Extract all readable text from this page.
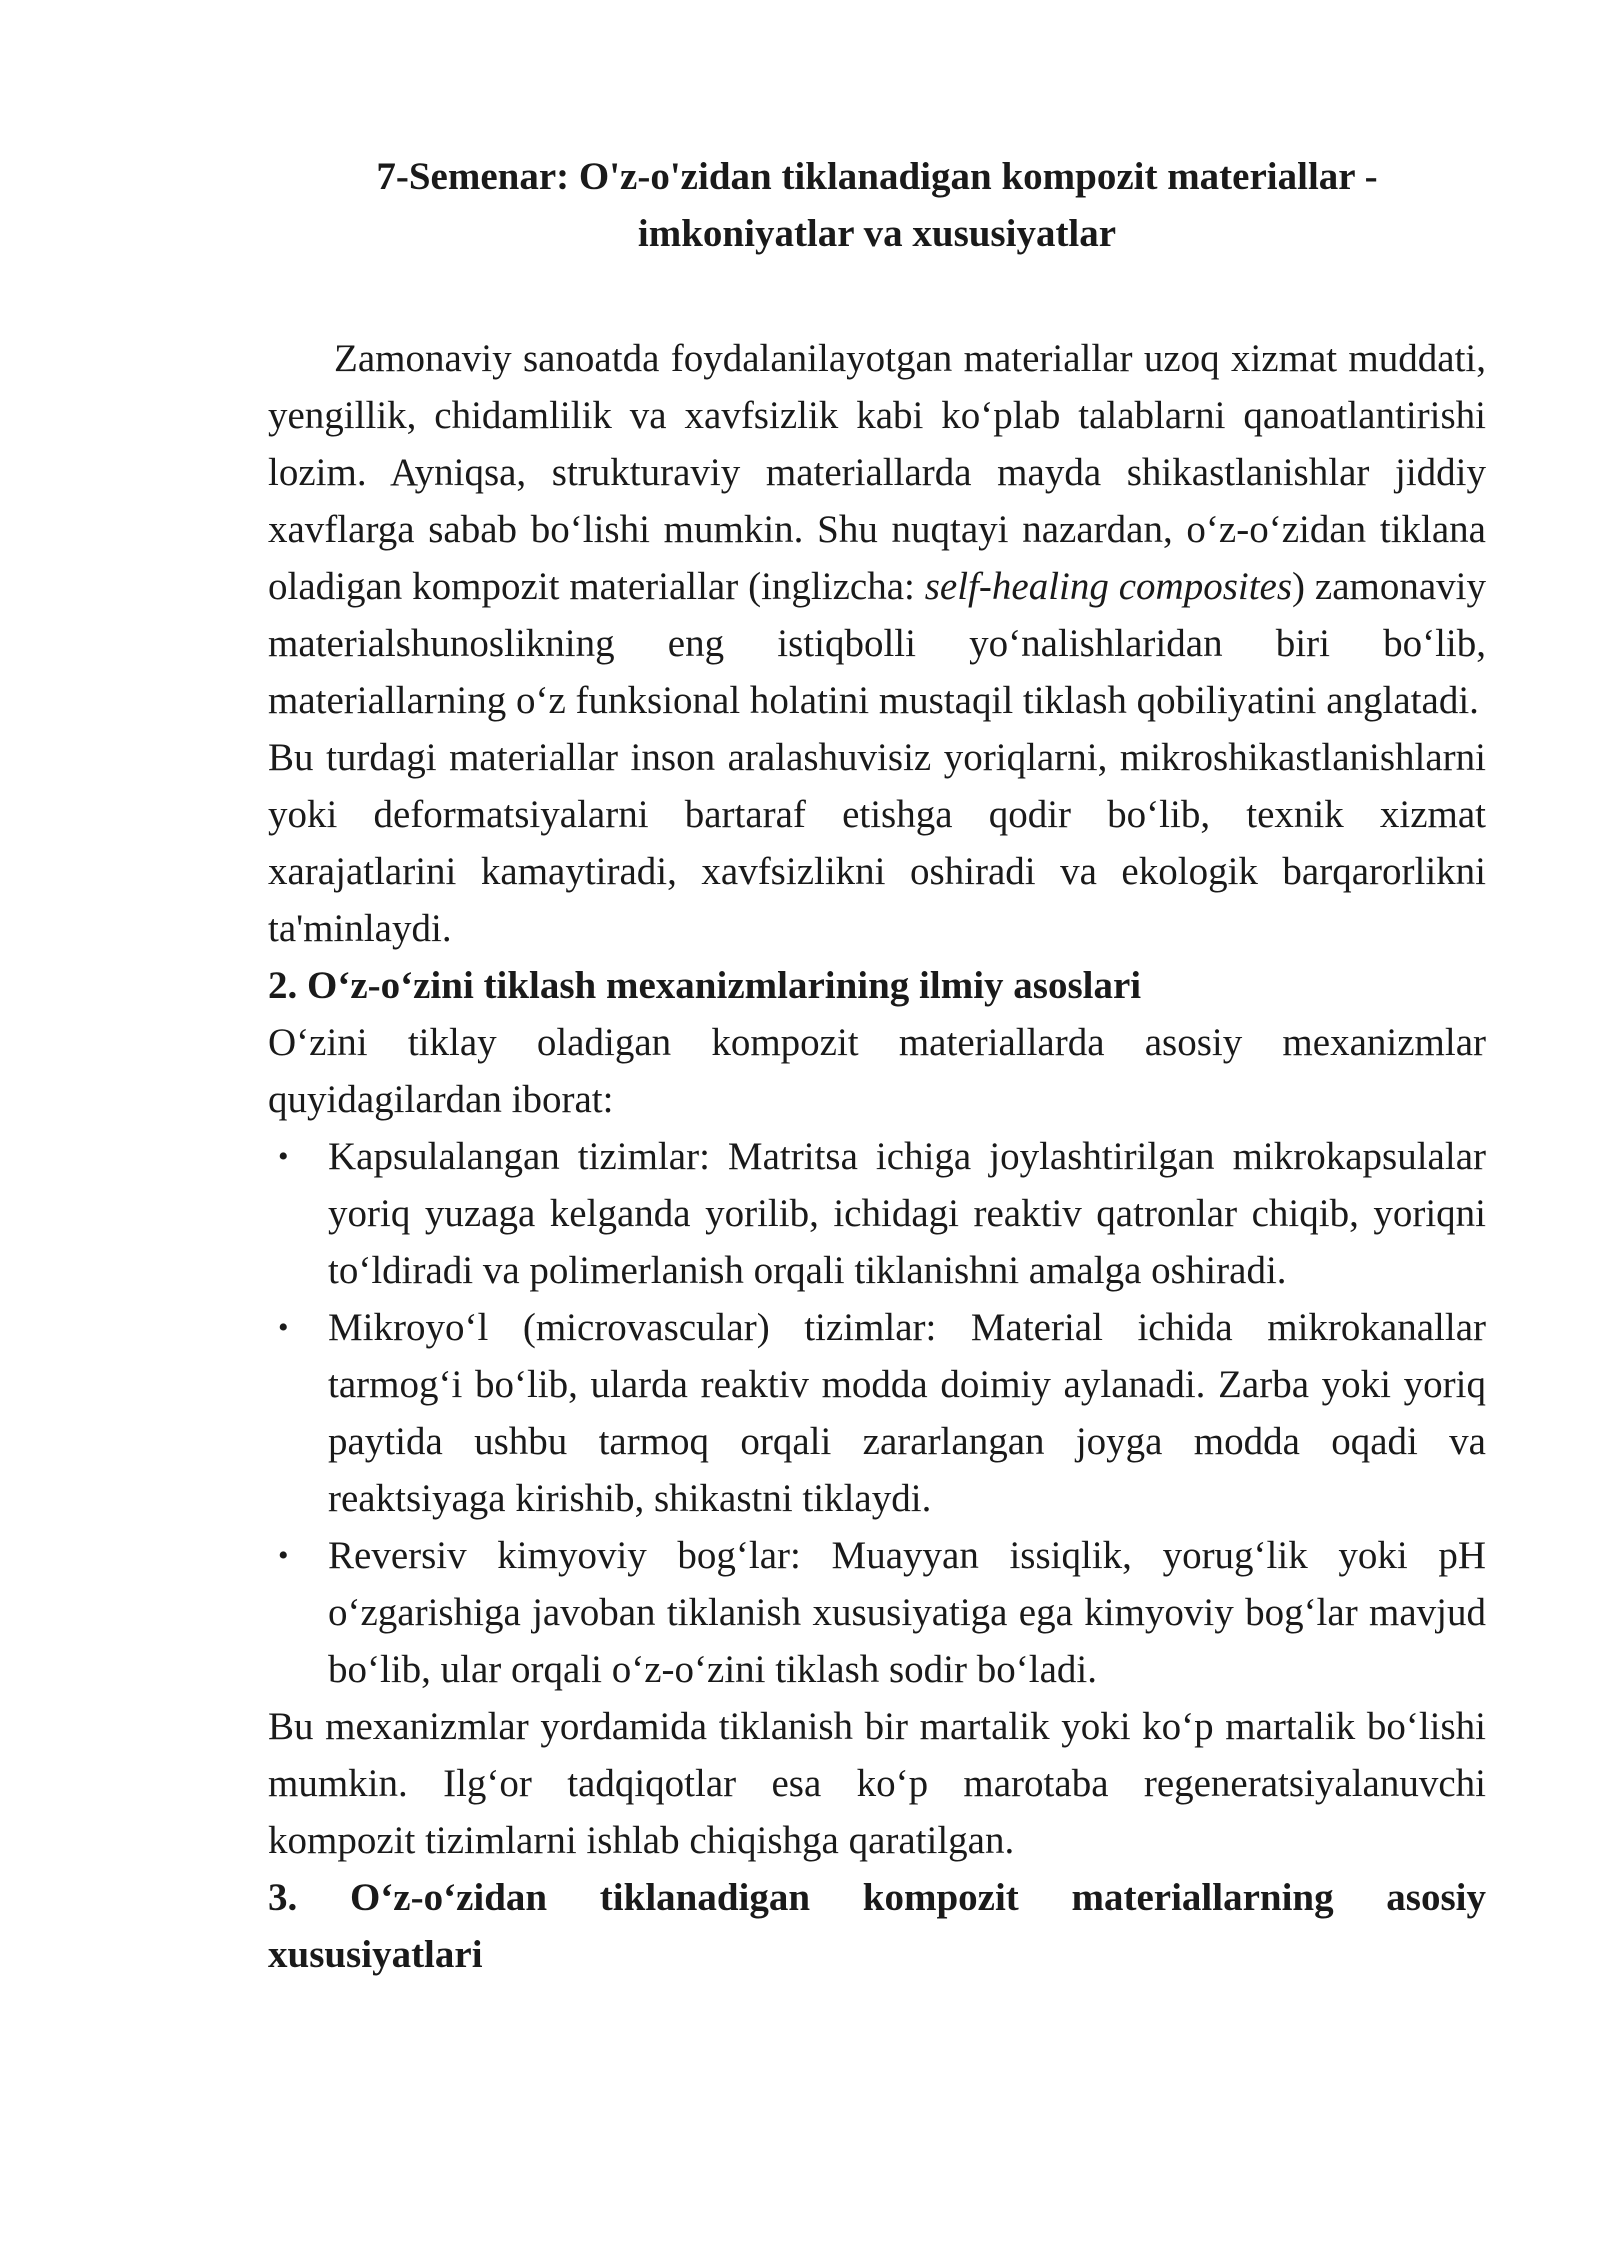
7-Semenar: O'z-o'zidan tiklanadigan kompozit materiallar -
imkoniyatlar va xususiyatlar

Zamonaviy sanoatda foydalanilayotgan materiallar uzoq xizmat muddati, yengillik, chidamlilik va xavfsizlik kabi koʻplab talablarni qanoatlantirishi lozim. Ayniqsa, strukturaviy materiallarda mayda shikastlanishlar jiddiy xavflarga sabab boʻlishi mumkin. Shu nuqtayi nazardan, oʻz-oʻzidan tiklana oladigan kompozit materiallar (inglizcha: self-healing composites) zamonaviy materialshunoslikning eng istiqbolli yoʻnalishlaridan biri boʻlib, materiallarning oʻz funksional holatini mustaqil tiklash qobiliyatini anglatadi.

Bu turdagi materiallar inson aralashuvisiz yoriqlarni, mikroshikastlanishlarni yoki deformatsiyalarni bartaraf etishga qodir boʻlib, texnik xizmat xarajatlarini kamaytiradi, xavfsizlikni oshiradi va ekologik barqarorlikni ta'minlaydi.

2. Oʻz-oʻzini tiklash mexanizmlarining ilmiy asoslari

Oʻzini tiklay oladigan kompozit materiallarda asosiy mexanizmlar quyidagilardan iborat:

• Kapsulalangan tizimlar: Matritsa ichiga joylashtirilgan mikrokapsulalar yoriq yuzaga kelganda yorilib, ichidagi reaktiv qatronlar chiqib, yoriqni toʻldiradi va polimerlanish orqali tiklanishni amalga oshiradi.
• Mikroyoʻl (microvascular) tizimlar: Material ichida mikrokanallar tarmogʻi boʻlib, ularda reaktiv modda doimiy aylanadi. Zarba yoki yoriq paytida ushbu tarmoq orqali zararlangan joyga modda oqadi va reaktsiyaga kirishib, shikastni tiklaydi.
• Reversiv kimyoviy bogʻlar: Muayyan issiqlik, yorugʻlik yoki pH oʻzgarishiga javoban tiklanish xususiyatiga ega kimyoviy bogʻlar mavjud boʻlib, ular orqali oʻz-oʻzini tiklash sodir boʻladi.

Bu mexanizmlar yordamida tiklanish bir martalik yoki koʻp martalik boʻlishi mumkin. Ilgʻor tadqiqotlar esa koʻp marotaba regeneratsiyalanuvchi kompozit tizimlarni ishlab chiqishga qaratilgan.

3. Oʻz-oʻzidan tiklanadigan kompozit materiallarning asosiy xususiyatlari
